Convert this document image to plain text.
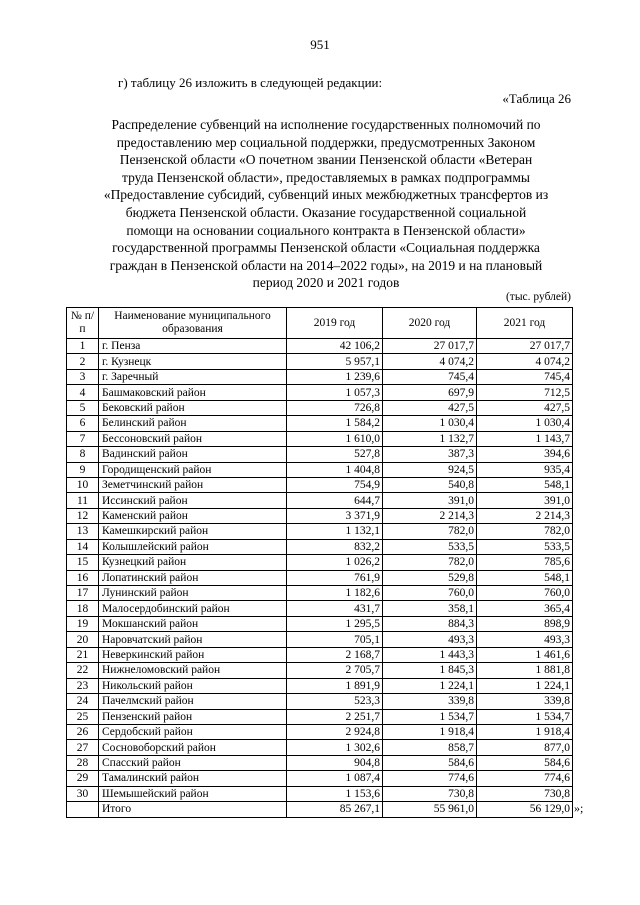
951
г) таблицу 26 изложить в следующей редакции:
«Таблица 26
Распределение субвенций на исполнение государственных полномочий по
предоставлению мер социальной поддержки, предусмотренных Законом
Пензенской области «О почетном звании Пензенской области «Ветеран
труда Пензенской области», предоставляемых в рамках подпрограммы
«Предоставление субсидий, субвенций иных межбюджетных трансфертов из
бюджета Пензенской области. Оказание государственной социальной
помощи на основании социального контракта в Пензенской области»
государственной программы Пензенской области «Социальная поддержка
граждан в Пензенской области на 2014–2022 годы», на 2019 и на плановый
период 2020 и 2021 годов
(тыс. рублей)
№ п/п	Наименование муниципального образования	2019 год	2020 год	2021 год
1	г. Пенза	42 106,2	27 017,7	27 017,7
2	г. Кузнецк	5 957,1	4 074,2	4 074,2
3	г. Заречный	1 239,6	745,4	745,4
4	Башмаковский район	1 057,3	697,9	712,5
5	Бековский район	726,8	427,5	427,5
6	Белинский район	1 584,2	1 030,4	1 030,4
7	Бессоновский район	1 610,0	1 132,7	1 143,7
8	Вадинский район	527,8	387,3	394,6
9	Городищенский район	1 404,8	924,5	935,4
10	Земетчинский район	754,9	540,8	548,1
11	Иссинский район	644,7	391,0	391,0
12	Каменский район	3 371,9	2 214,3	2 214,3
13	Камешкирский район	1 132,1	782,0	782,0
14	Колышлейский район	832,2	533,5	533,5
15	Кузнецкий район	1 026,2	782,0	785,6
16	Лопатинский район	761,9	529,8	548,1
17	Лунинский район	1 182,6	760,0	760,0
18	Малосердобинский район	431,7	358,1	365,4
19	Мокшанский район	1 295,5	884,3	898,9
20	Наровчатский район	705,1	493,3	493,3
21	Неверкинский район	2 168,7	1 443,3	1 461,6
22	Нижнеломовский район	2 705,7	1 845,3	1 881,8
23	Никольский район	1 891,9	1 224,1	1 224,1
24	Пачелмский район	523,3	339,8	339,8
25	Пензенский район	2 251,7	1 534,7	1 534,7
26	Сердобский район	2 924,8	1 918,4	1 918,4
27	Сосновоборский район	1 302,6	858,7	877,0
28	Спасский район	904,8	584,6	584,6
29	Тамалинский район	1 087,4	774,6	774,6
30	Шемышейский район	1 153,6	730,8	730,8
	Итого	85 267,1	55 961,0	56 129,0 »;
